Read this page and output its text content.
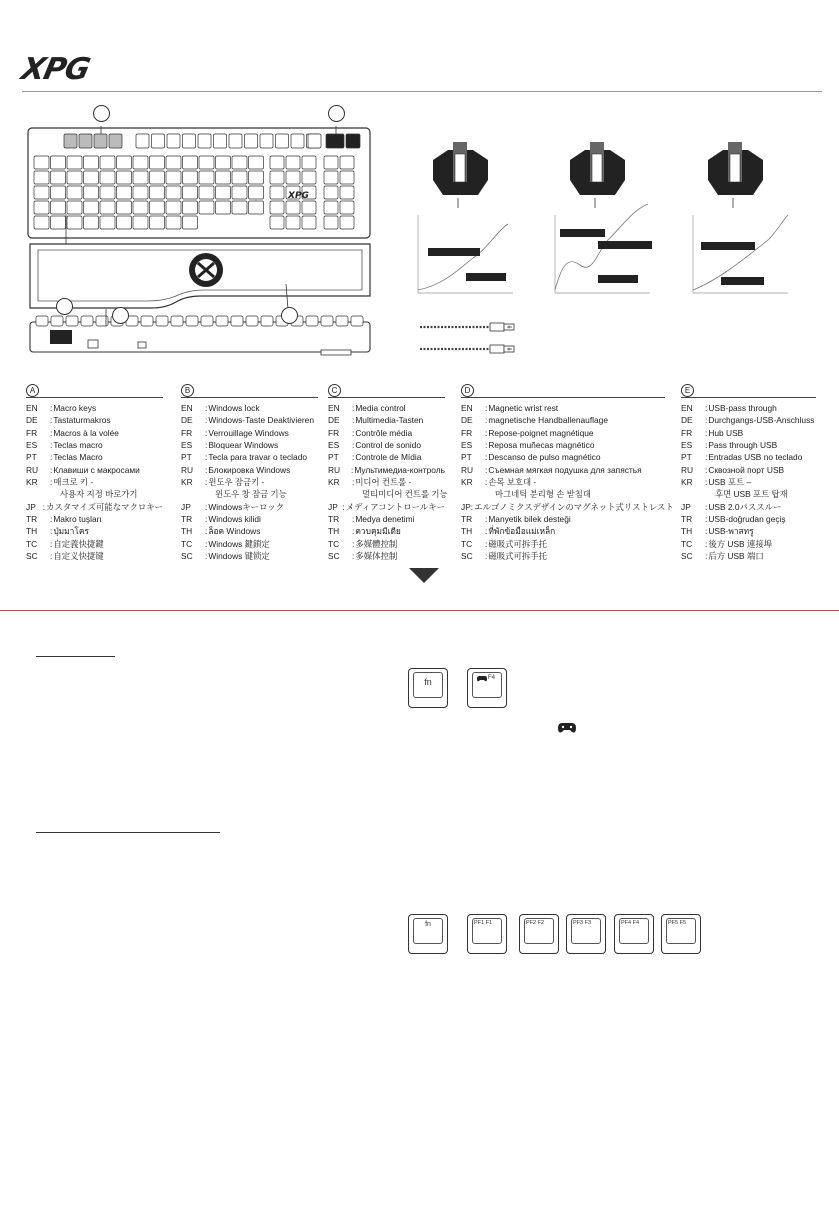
XPG
XPG
A
EN	: Macro keys
DE	: Tastaturmakros
FR	: Macros à la volée
ES	: Teclas macro
PT	: Teclas Macro
RU	: Клавиши с макросами
KR	: 매크로 키 -
사용자 지정 바로가기
JP : カスタマイズ可能なマクロキー
TR	: Makro tuşları
TH	: ปุ่มมาโคร
TC	: 自定義快捷鍵
SC	: 自定义快捷键
B
EN	: Windows lock
DE	: Windows-Taste Deaktivieren
FR	: Verrouillage Windows
ES	: Bloquear Windows
PT	: Tecla para travar o teclado
RU	: Блокировка Windows
KR	: 윈도우 잠금키 -
윈도우 창 잠금 기능
JP	: Windowsキーロック
TR	: Windows kilidi
TH	: ล็อค Windows
TC	: Windows 鍵鎖定
SC	: Windows 键锁定
C
EN	: Media control
DE	: Multimedia-Tasten
FR	: Contrôle média
ES	: Control de sonido
PT	: Controle de Mídia
RU	: Мультимедиа-контроль
KR	: 미디어 컨트롤 -
멀티미디어 컨트롤 기능
JP : メディアコントロールキー
TR	: Medya denetimi
TH	: ควบคุมมีเดีย
TC	: 多媒體控制
SC	: 多媒体控制
D
EN	: Magnetic wrist rest
DE	: magnetische Handballenauflage
FR	: Repose-poignet magnétique
ES	: Reposa muñecas magnético
PT	: Descanso de pulso magnético
RU	: Съемная мягкая подушка для запястья
KR	: 손목 보호대 -
마그네틱 분리형 손 받침대
JP : エルゴノミクスデザインのマグネット式リストレスト
TR	: Manyetik bilek desteği
TH	: ที่พักข้อมือแม่เหล็ก
TC	: 磁吸式可拆手托
SC	: 磁吸式可拆手托
E
EN	: USB-pass through
DE	: Durchgangs-USB-Anschluss
FR	: Hub USB
ES	: Pass through USB
PT	: Entradas USB no teclado
RU	: Сквозной порт USB
KR	: USB 포트 –
후면 USB 포트 탑재
JP	: USB 2.0パススルー
TR	: USB-doğrudan geçiş
TH	: USB-พาสทรู
TC	: 後方 USB 連接埠
SC	: 后方 USB 端口
fn	F4
fn	PF1 F1	PF2 F2	PF3 F3	PF4 F4	PF5 F5
